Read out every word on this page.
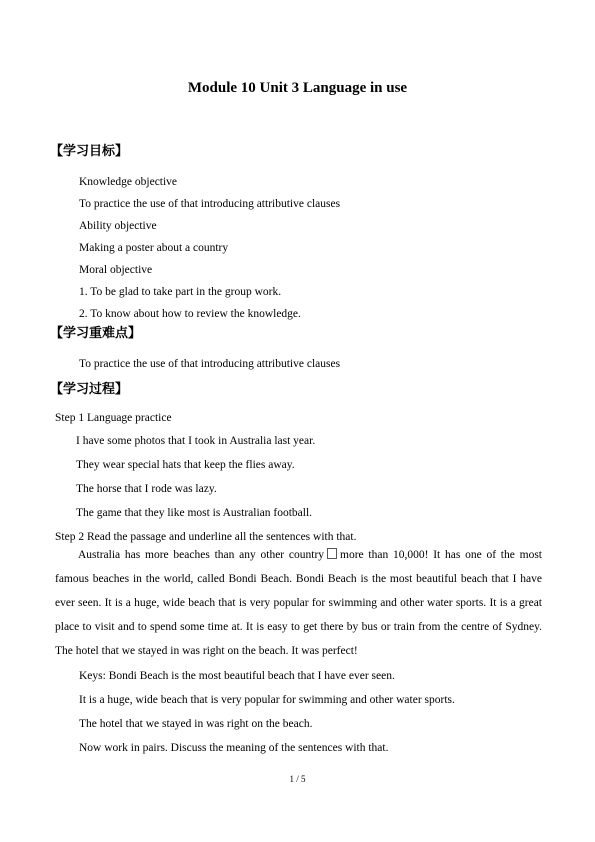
Module 10 Unit 3 Language in use
【学习目标】
Knowledge objective
To practice the use of that introducing attributive clauses
Ability objective
Making a poster about a country
Moral objective
1. To be glad to take part in the group work.
2. To know about how to review the knowledge.
【学习重难点】
To practice the use of that introducing attributive clauses
【学习过程】
Step 1 Language practice
I have some photos that I took in Australia last year.
They wear special hats that keep the flies away.
The horse that I rode was lazy.
The game that they like most is Australian football.
Step 2 Read the passage and underline all the sentences with that.
Australia has more beaches than any other country more than 10,000! It has one of the most famous beaches in the world, called Bondi Beach. Bondi Beach is the most beautiful beach that I have ever seen. It is a huge, wide beach that is very popular for swimming and other water sports. It is a great place to visit and to spend some time at. It is easy to get there by bus or train from the centre of Sydney. The hotel that we stayed in was right on the beach. It was perfect!
Keys: Bondi Beach is the most beautiful beach that I have ever seen.
It is a huge, wide beach that is very popular for swimming and other water sports.
The hotel that we stayed in was right on the beach.
Now work in pairs. Discuss the meaning of the sentences with that.
1 / 5
